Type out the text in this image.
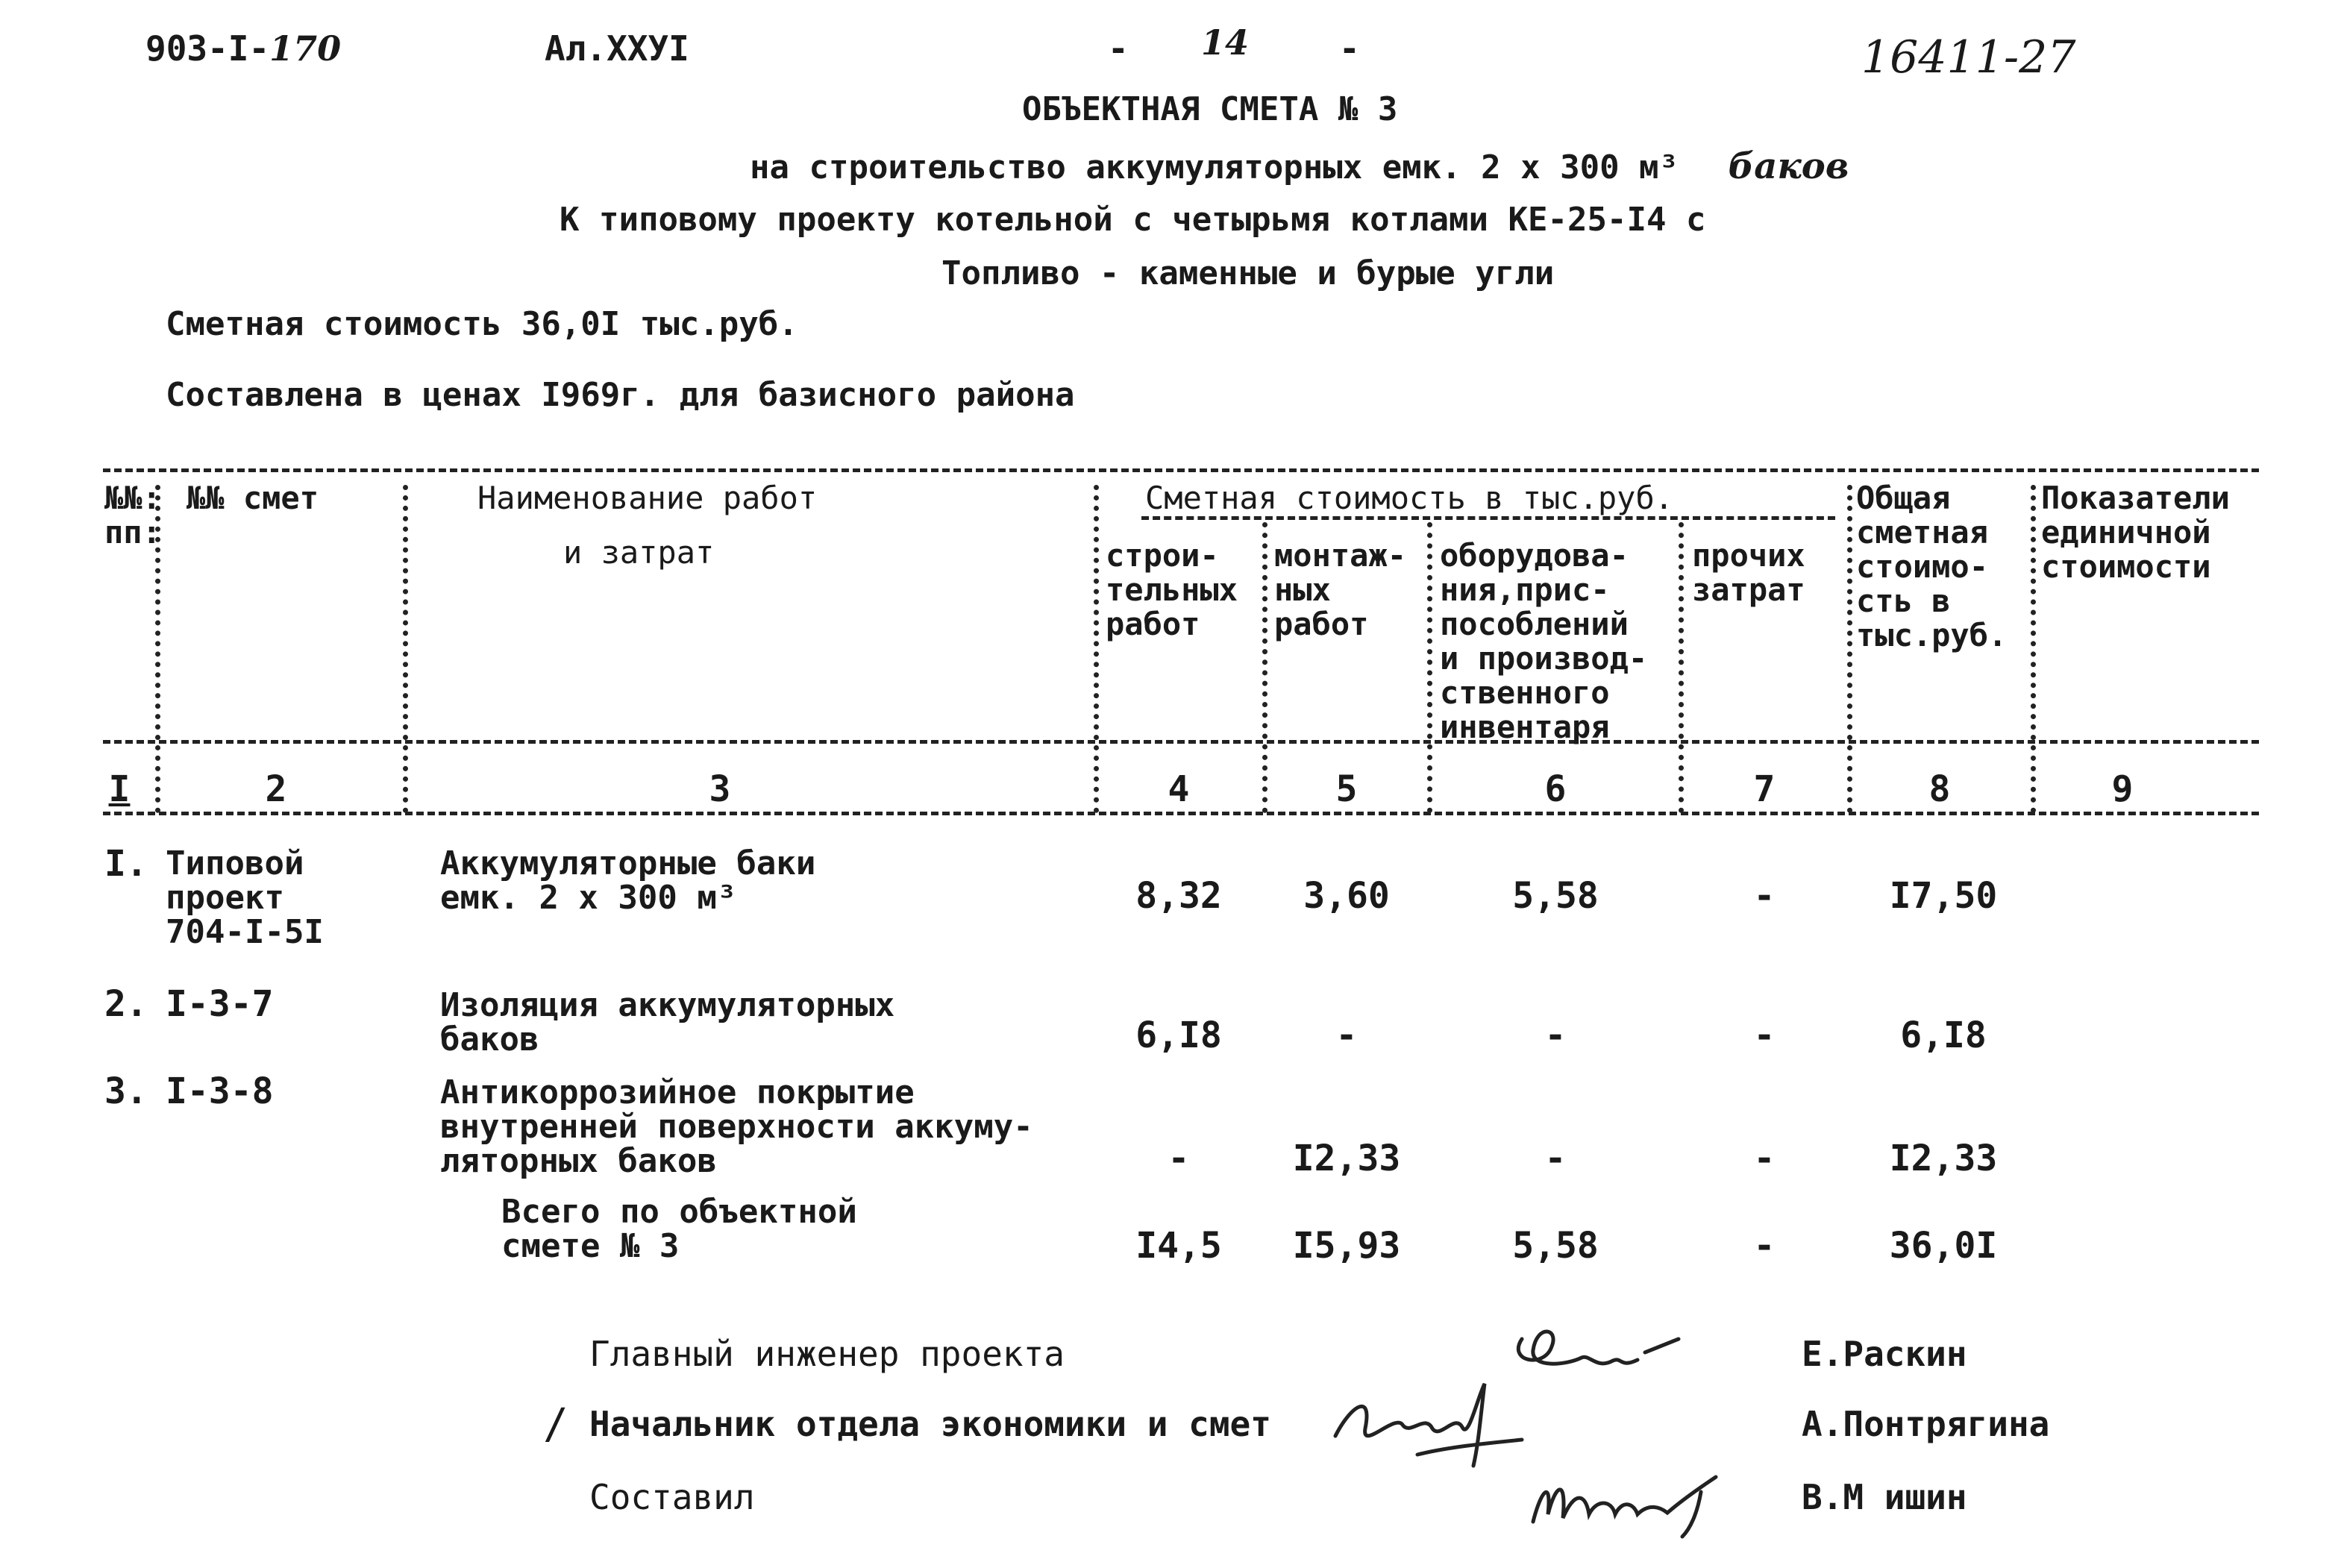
903-I-170	Ал.XXУI	- 14	-	16411-27
ОБЪЕКТНАЯ СМЕТА № 3
на строительство аккумуляторных емк. 2 х 300 м³ баков
К типовому проекту котельной с четырьмя котлами КЕ-25-I4 с
Топливо - каменные и бурые угли
Сметная стоимость 36,0I тыс.руб.
Составлена в ценах I969г. для базисного района
№№:
пп:
№№ смет	Наименование работ
и затрат
Сметная стоимость в тыс.руб.
строи-
тельных
работ
монтаж-
ных
работ
оборудова-
ния,прис-
пособлений
и производ-
ственного
инвентаря
прочих
затрат
Общая
сметная
стоимо-
сть в
тыс.руб.
Показатели
единичной
стоимости
I	2	3	4	5	6	7	8	9
I. Типовой
проект
704-I-5I
Аккумуляторные баки
емк. 2 х 300 м³	8,32	3,60	5,58	-	I7,50
2. I-3-7	Изоляция аккумуляторных
баков	6,I8	-	-	-	6,I8
3. I-3-8	Антикоррозийное покрытие
внутренней поверхности аккуму-
ляторных баков	-	I2,33	-	-	I2,33
Всего по объектной
смете № 3	I4,5	I5,93	5,58	-	36,0I
Главный инженер проекта	Е.Раскин
/ Начальник отдела экономики и смет	А.Понтрягина
Составил	В.М ишин
